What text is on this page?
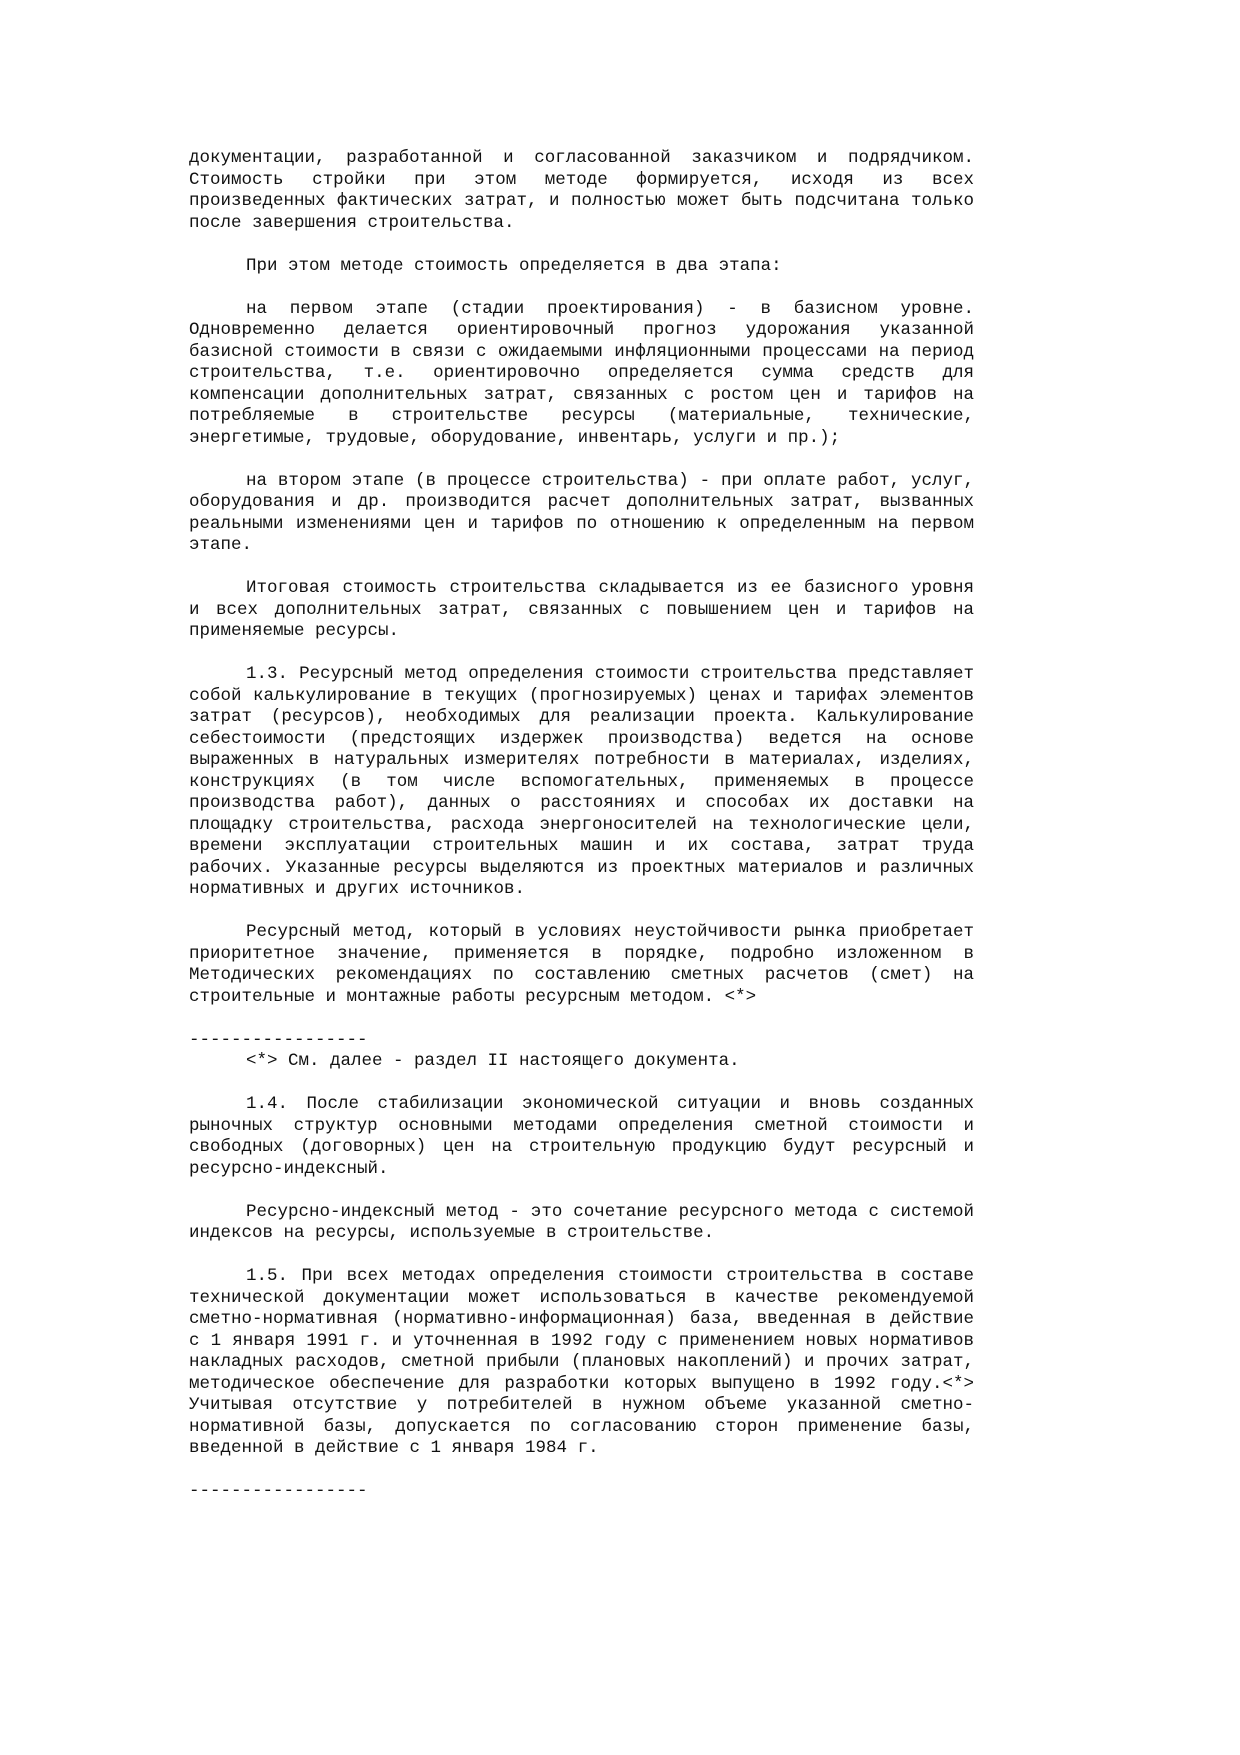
документации, разработанной и согласованной заказчиком и подрядчиком. Стоимость стройки при этом методе формируется, исходя из всех произведенных фактических затрат, и полностью может быть подсчитана только после завершения строительства.

При этом методе стоимость определяется в два этапа:

на первом этапе (стадии проектирования) - в базисном уровне. Одновременно делается ориентировочный прогноз удорожания указанной базисной стоимости в связи с ожидаемыми инфляционными процессами на период строительства, т.е. ориентировочно определяется сумма средств для компенсации дополнительных затрат, связанных с ростом цен и тарифов на потребляемые в строительстве ресурсы (материальные, технические, энергетимые, трудовые, оборудование, инвентарь, услуги и пр.);

на втором этапе (в процессе строительства) - при оплате работ, услуг, оборудования и др. производится расчет дополнительных затрат, вызванных реальными изменениями цен и тарифов по отношению к определенным на первом этапе.

Итоговая стоимость строительства складывается из ее базисного уровня и всех дополнительных затрат, связанных с повышением цен и тарифов на применяемые ресурсы.

1.3. Ресурсный метод определения стоимости строительства представляет собой калькулирование в текущих (прогнозируемых) ценах и тарифах элементов затрат (ресурсов), необходимых для реализации проекта. Калькулирование себестоимости (предстоящих издержек производства) ведется на основе выраженных в натуральных измерителях потребности в материалах, изделиях, конструкциях (в том числе вспомогательных, применяемых в процессе производства работ), данных о расстояниях и способах их доставки на площадку строительства, расхода энергоносителей на технологические цели, времени эксплуатации строительных машин и их состава, затрат труда рабочих. Указанные ресурсы выделяются из проектных материалов и различных нормативных и других источников.

Ресурсный метод, который в условиях неустойчивости рынка приобретает приоритетное значение, применяется в порядке, подробно изложенном в Методических рекомендациях по составлению сметных расчетов (смет) на строительные и монтажные работы ресурсным методом. <*>

-----------------

<*> См. далее - раздел II настоящего документа.

1.4. После стабилизации экономической ситуации и вновь созданных рыночных структур основными методами определения сметной стоимости и свободных (договорных) цен на строительную продукцию будут ресурсный и ресурсно-индексный.

Ресурсно-индексный метод - это сочетание ресурсного метода с системой индексов на ресурсы, используемые в строительстве.

1.5. При всех методах определения стоимости строительства в составе технической документации может использоваться в качестве рекомендуемой сметно-нормативная (нормативно-информационная) база, введенная в действие с 1 января 1991 г. и уточненная в 1992 году с применением новых нормативов накладных расходов, сметной прибыли (плановых накоплений) и прочих затрат, методическое обеспечение для разработки которых выпущено в 1992 году.<*> Учитывая отсутствие у потребителей в нужном объеме указанной сметно-нормативной базы, допускается по согласованию сторон применение базы, введенной в действие с 1 января 1984 г.

-----------------
